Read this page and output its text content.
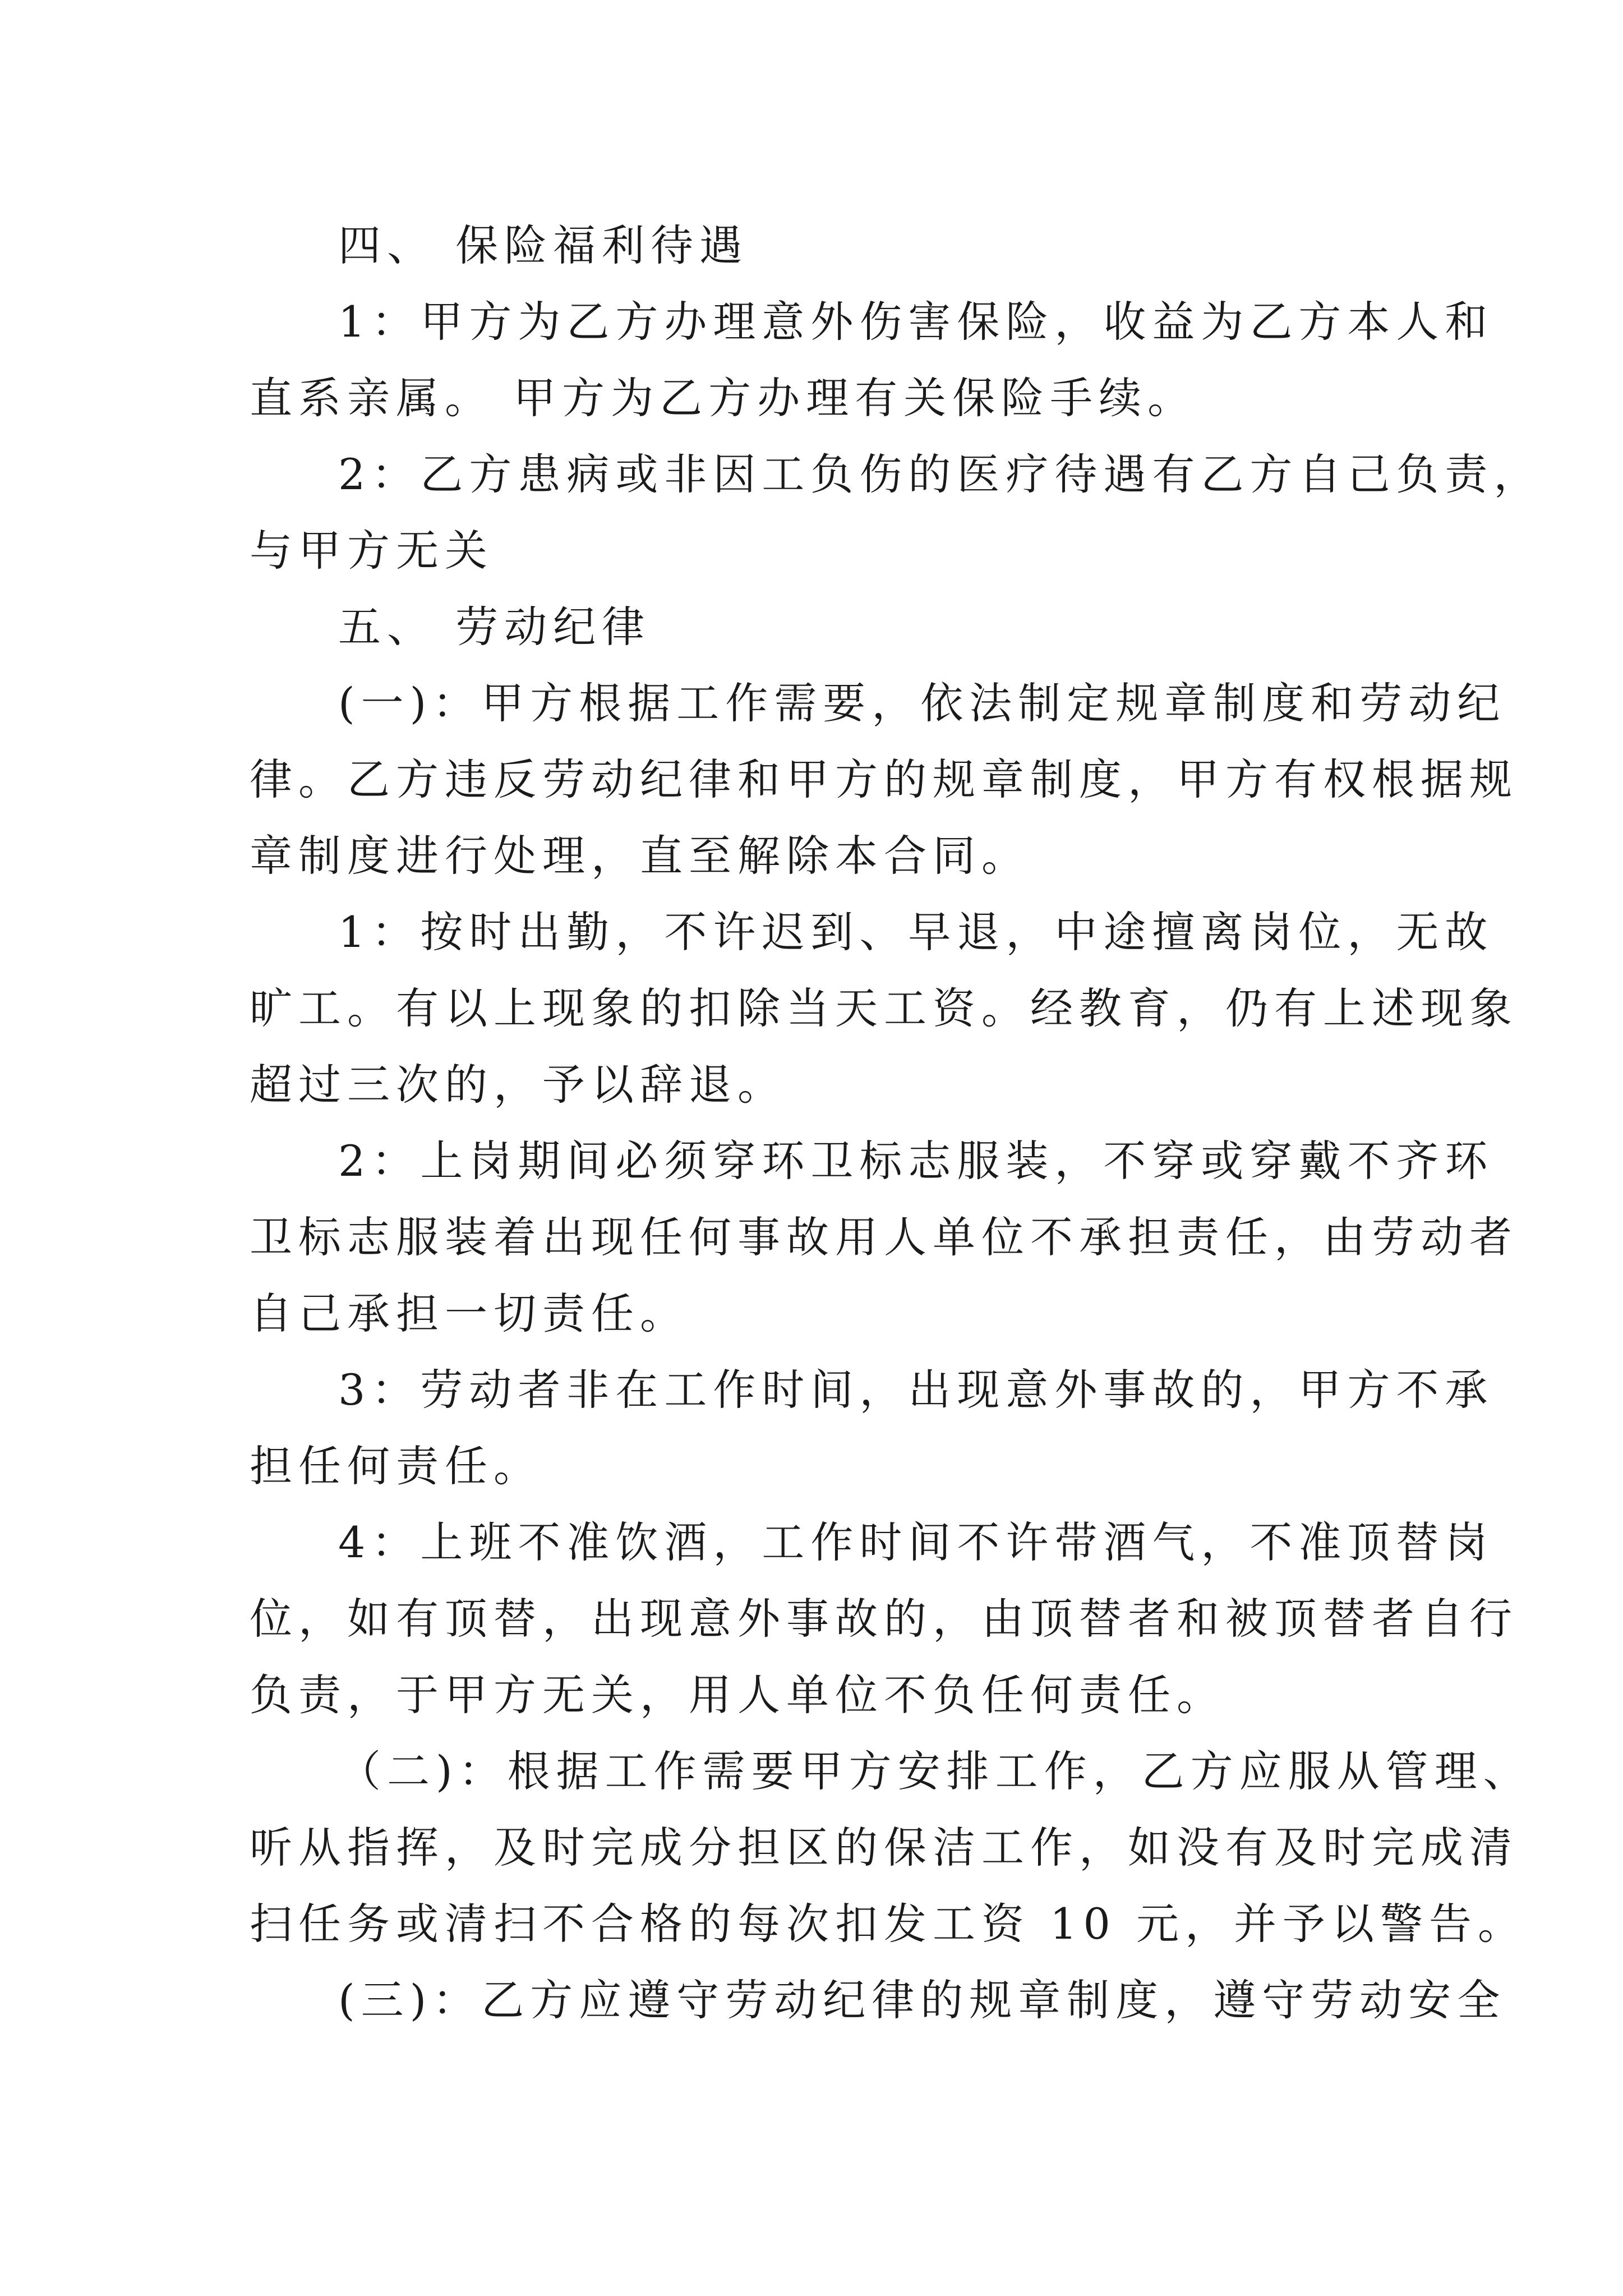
四、 保险福利待遇
1：甲方为乙方办理意外伤害保险，收益为乙方本人和
直系亲属。 甲方为乙方办理有关保险手续。
2：乙方患病或非因工负伤的医疗待遇有乙方自己负责，
与甲方无关
五、 劳动纪律
(一)：甲方根据工作需要，依法制定规章制度和劳动纪
律。乙方违反劳动纪律和甲方的规章制度，甲方有权根据规
章制度进行处理，直至解除本合同。
1：按时出勤，不许迟到、早退，中途擅离岗位，无故
旷工。有以上现象的扣除当天工资。经教育，仍有上述现象
超过三次的，予以辞退。
2：上岗期间必须穿环卫标志服装，不穿或穿戴不齐环
卫标志服装着出现任何事故用人单位不承担责任，由劳动者
自己承担一切责任。
3：劳动者非在工作时间，出现意外事故的，甲方不承
担任何责任。
4：上班不准饮酒，工作时间不许带酒气，不准顶替岗
位，如有顶替，出现意外事故的，由顶替者和被顶替者自行
负责，于甲方无关，用人单位不负任何责任。
（二)：根据工作需要甲方安排工作，乙方应服从管理、
听从指挥，及时完成分担区的保洁工作，如没有及时完成清
扫任务或清扫不合格的每次扣发工资 10 元，并予以警告。
(三)：乙方应遵守劳动纪律的规章制度，遵守劳动安全
